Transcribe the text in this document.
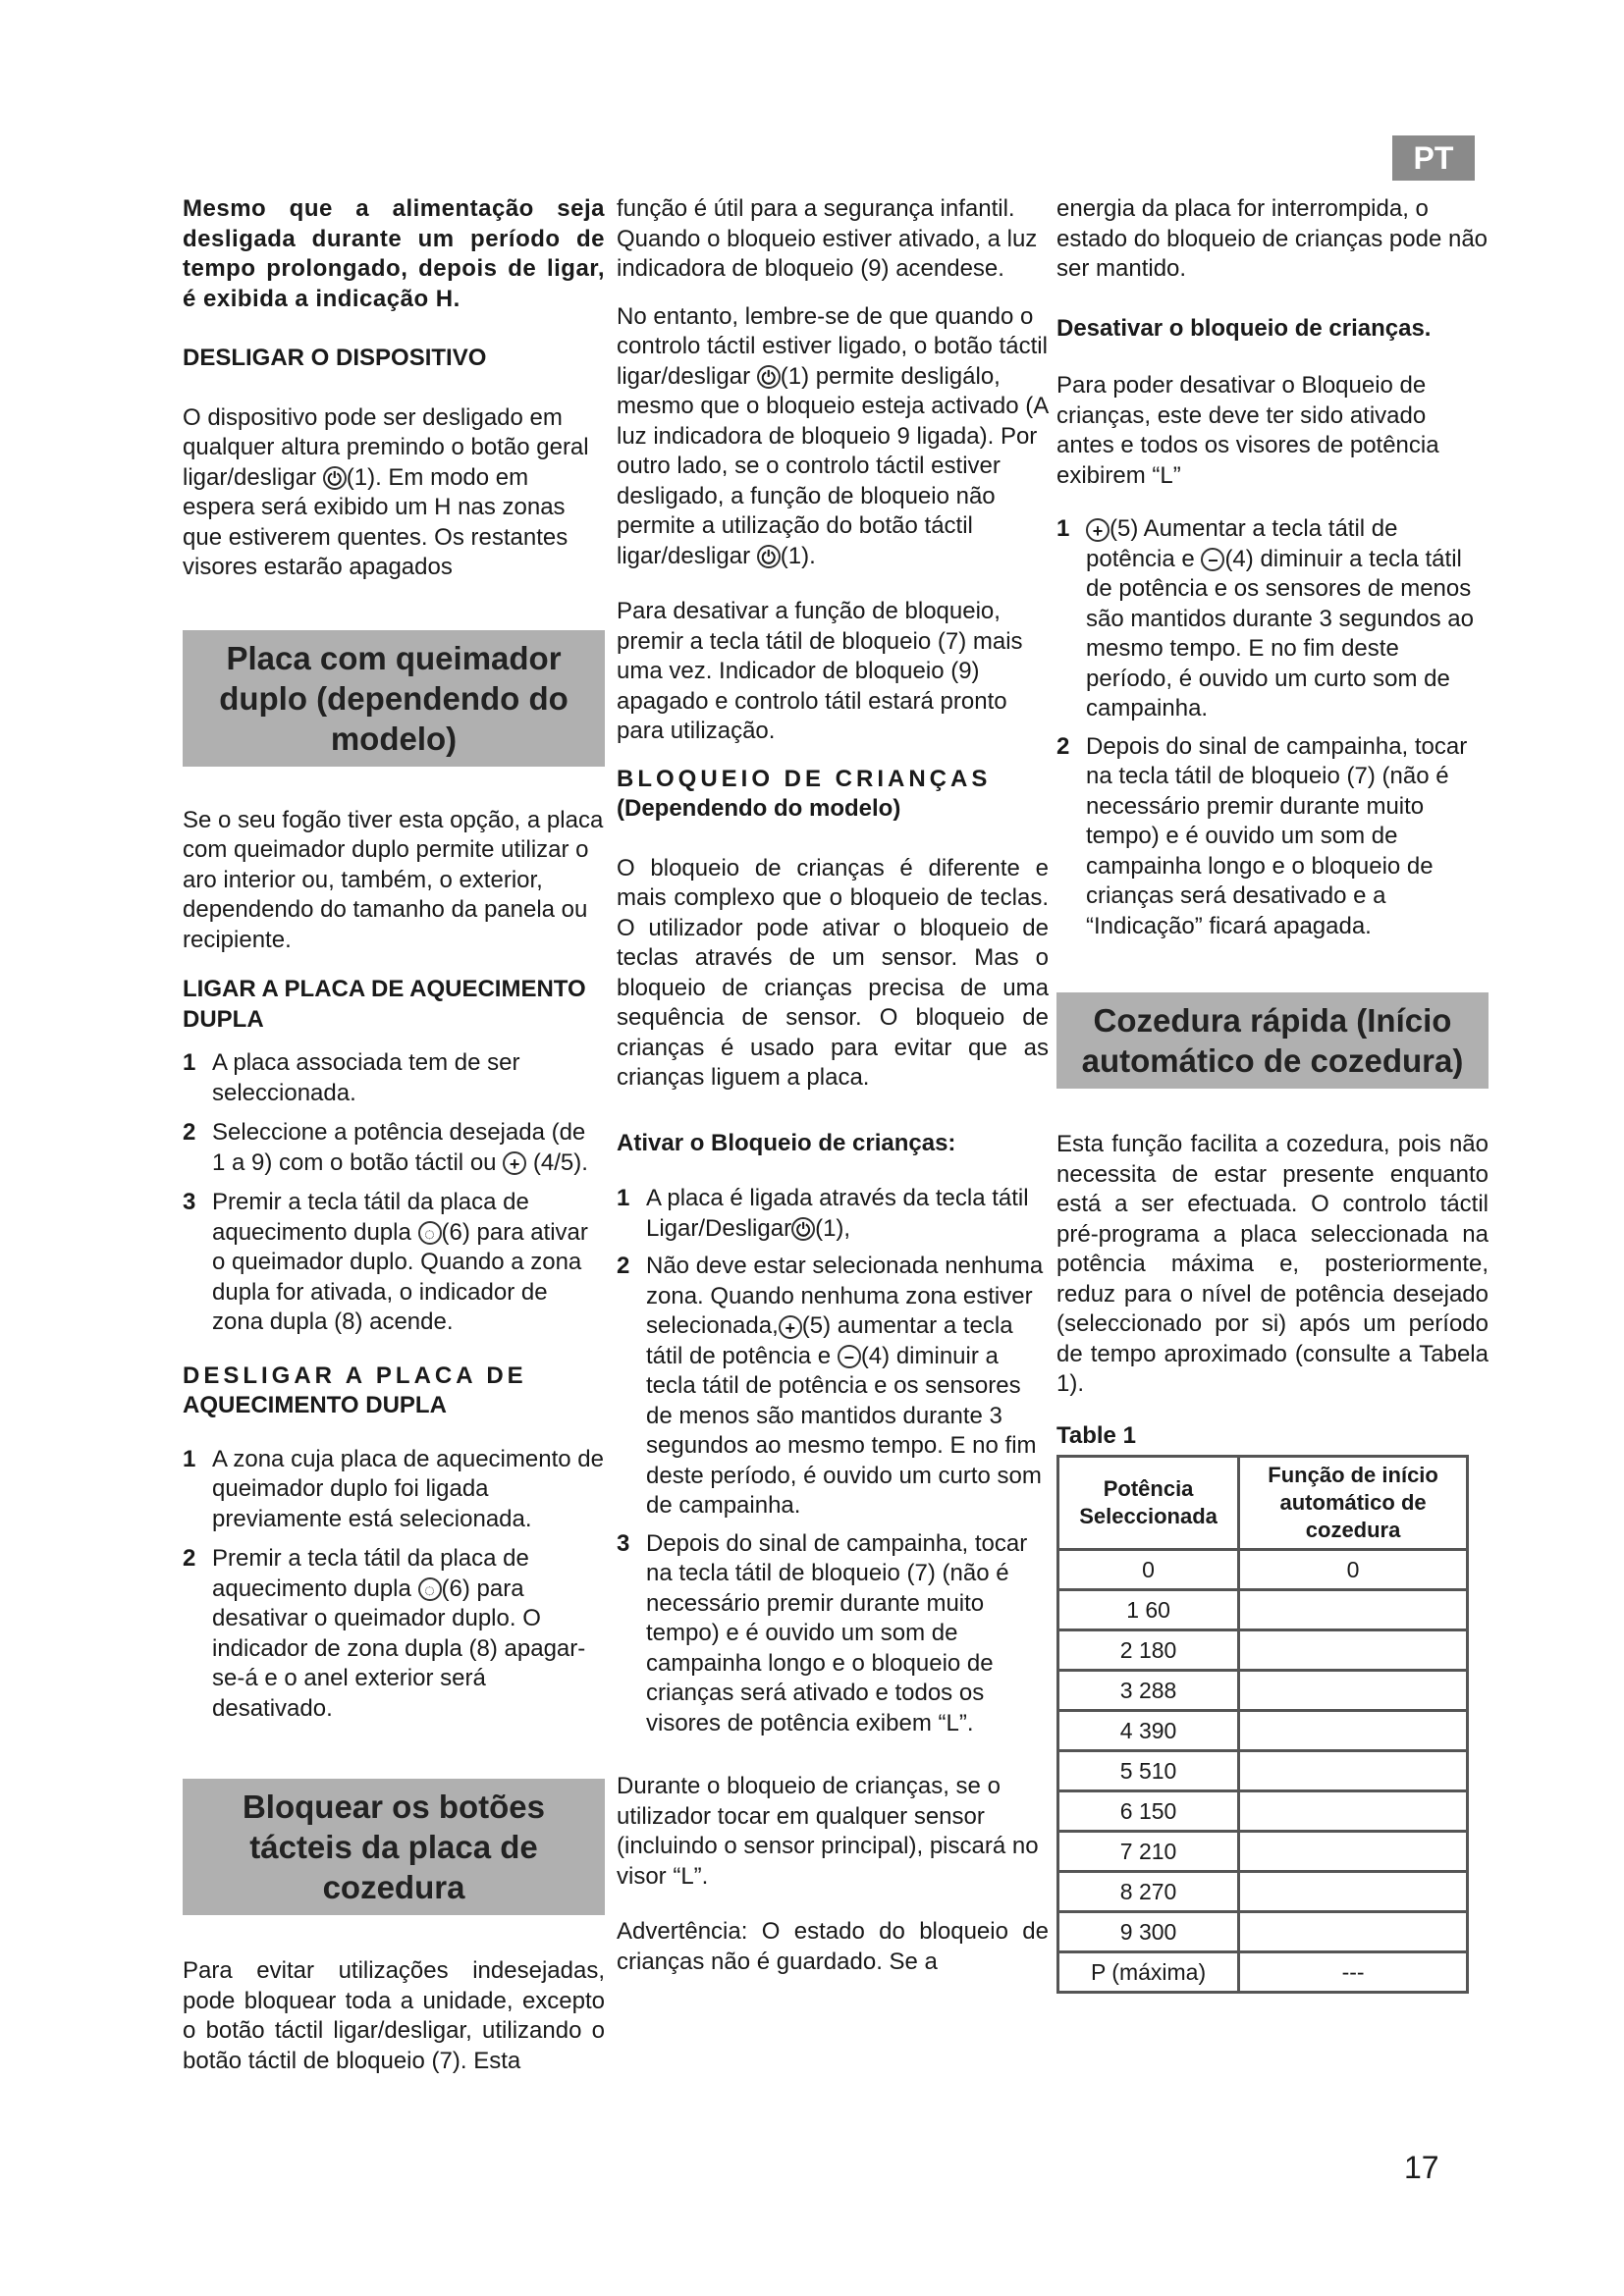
PT

Mesmo que a alimentação seja desligada durante um período de tempo prolongado, depois de ligar, é exibida a indicação H.

DESLIGAR O DISPOSITIVO

O dispositivo pode ser desligado em qualquer altura premindo o botão geral ligar/desligar ⏻ (1). Em modo em espera será exibido um H nas zonas que estiverem quentes. Os restantes visores estarão apagados

Placa com queimador duplo (dependendo do modelo)

Se o seu fogão tiver esta opção, a placa com queimador duplo permite utilizar o aro interior ou, também, o exterior, dependendo do tamanho da panela ou recipiente.

LIGAR A PLACA DE AQUECIMENTO DUPLA

1 A placa associada tem de ser seleccionada.
2 Seleccione a potência desejada (de 1 a 9) com o botão táctil ou + (4/5).
3 Premir a tecla tátil da placa de aquecimento dupla ◌ (6) para ativar o queimador duplo. Quando a zona dupla for ativada, o indicador de zona dupla (8) acende.

DESLIGAR A PLACA DE

AQUECIMENTO DUPLA

1 A zona cuja placa de aquecimento de queimador duplo foi ligada previamente está selecionada.
2 Premir a tecla tátil da placa de aquecimento dupla ◌ (6) para desativar o queimador duplo. O indicador de zona dupla (8) apagar-se-á e o anel exterior será desativado.
Bloquear os botões tácteis da placa de cozedura

Para evitar utilizações indesejadas, pode bloquear toda a unidade, excepto o botão táctil ligar/desligar, utilizando o botão táctil de bloqueio (7). Esta

função é útil para a segurança infantil. Quando o bloqueio estiver ativado, a luz indicadora de bloqueio (9) acendese.

No entanto, lembre-se de que quando o controlo táctil estiver ligado, o botão táctil ligar/desligar ⏻ (1) permite desligálo, mesmo que o bloqueio esteja activado (A luz indicadora de bloqueio 9 ligada). Por outro lado, se o controlo táctil estiver desligado, a função de bloqueio não permite a utilização do botão táctil ligar/desligar ⏻ (1).

Para desativar a função de bloqueio, premir a tecla tátil de bloqueio (7) mais uma vez. Indicador de bloqueio (9) apagado e controlo tátil estará pronto para utilização.

BLOQUEIO DE CRIANÇAS

(Dependendo do modelo)

O bloqueio de crianças é diferente e mais complexo que o bloqueio de teclas. O utilizador pode ativar o bloqueio de teclas através de um sensor. Mas o bloqueio de crianças precisa de uma sequência de sensor. O bloqueio de crianças é usado para evitar que as crianças liguem a placa.

Ativar o Bloqueio de crianças:

1 A placa é ligada através da tecla tátil Ligar/Desligar ⏻ (1),
2 Não deve estar selecionada nenhuma zona. Quando nenhuma zona estiver selecionada, + (5) aumentar a tecla tátil de potência e − (4) diminuir a tecla tátil de potência e os sensores de menos são mantidos durante 3 segundos ao mesmo tempo. E no fim deste período, é ouvido um curto som de campainha.
3 Depois do sinal de campainha, tocar na tecla tátil de bloqueio (7) (não é necessário premir durante muito tempo) e é ouvido um som de campainha longo e o bloqueio de crianças será ativado e todos os visores de potência exibem “L”.

Durante o bloqueio de crianças, se o utilizador tocar em qualquer sensor (incluindo o sensor principal), piscará no visor “L”.

Advertência: O estado do bloqueio de crianças não é guardado. Se a

energia da placa for interrompida, o estado do bloqueio de crianças pode não ser mantido.

Desativar o bloqueio de crianças.

Para poder desativar o Bloqueio de crianças, este deve ter sido ativado antes e todos os visores de potência exibirem “L”

1	+ (5) Aumentar a tecla tátil de potência e − (4) diminuir a tecla tátil de potência e os sensores de menos são mantidos durante 3 segundos ao mesmo tempo. E no fim deste período, é ouvido um curto som de campainha.
2 Depois do sinal de campainha, tocar na tecla tátil de bloqueio (7) (não é necessário premir durante muito tempo) e é ouvido um som de campainha longo e o bloqueio de crianças será desativado e a “Indicação” ficará apagada.
Cozedura rápida (Início automático de cozedura)

Esta função facilita a cozedura, pois não necessita de estar presente enquanto está a ser efectuada. O controlo táctil pré-programa a placa seleccionada na potência máxima e, posteriormente, reduz para o nível de potência desejado (seleccionado por si) após um período de tempo aproximado (consulte a Tabela 1).

Table 1

Potência Seleccionada	Função de início automático de cozedura
0	0
1 60	
2 180	
3 288	
4 390	
5 510	
6 150	
7 210	
8 270	
9 300	
P (máxima)	---
17
